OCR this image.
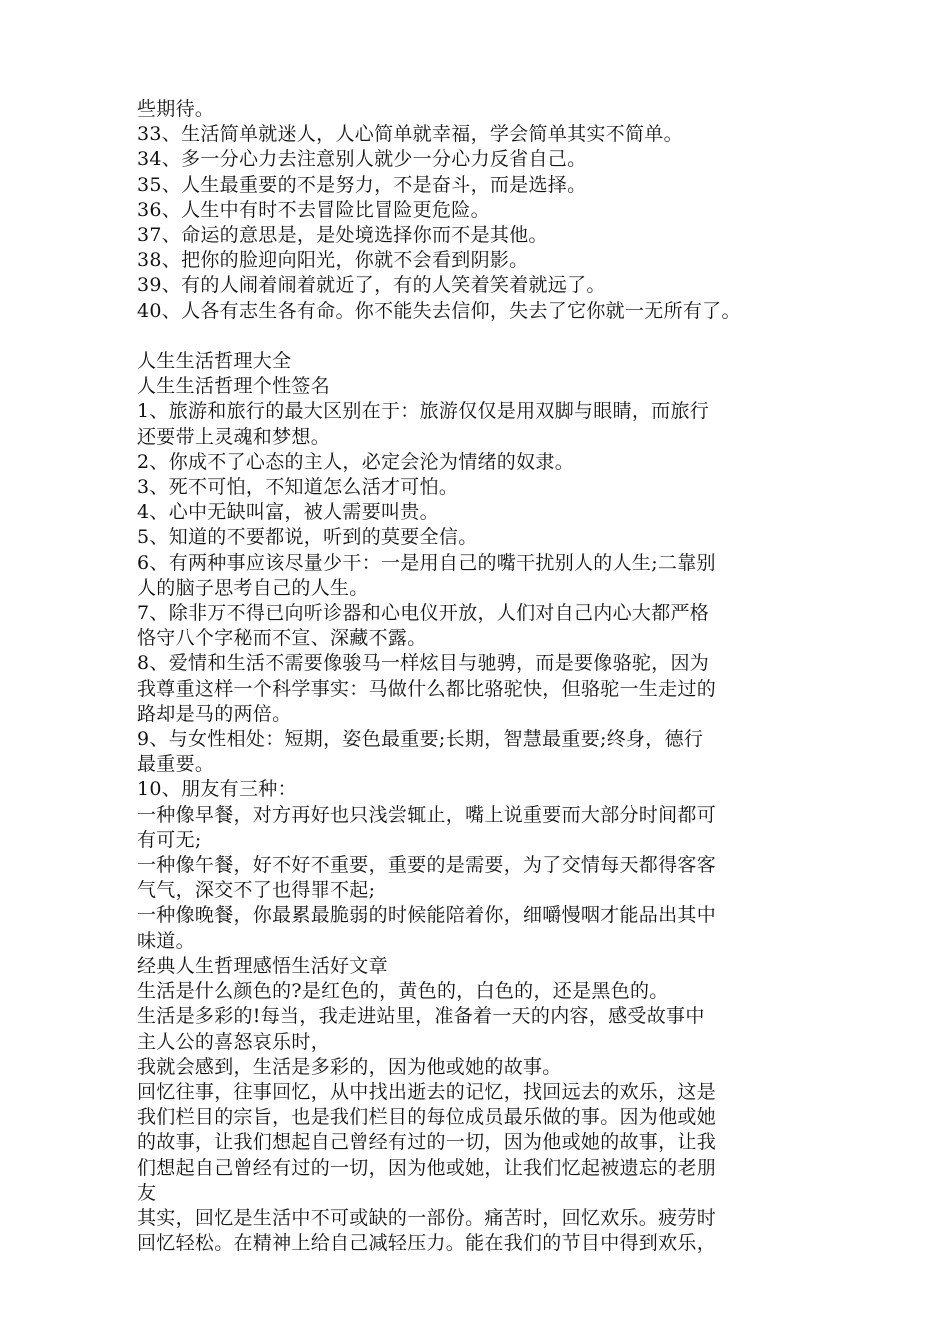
些期待。
33、生活简单就迷人，人心简单就幸福，学会简单其实不简单。
34、多一分心力去注意别人就少一分心力反省自己。
35、人生最重要的不是努力，不是奋斗，而是选择。
36、人生中有时不去冒险比冒险更危险。
37、命运的意思是，是处境选择你而不是其他。
38、把你的脸迎向阳光，你就不会看到阴影。
39、有的人闹着闹着就近了，有的人笑着笑着就远了。
40、人各有志生各有命。你不能失去信仰，失去了它你就一无所有了。
人生生活哲理大全
人生生活哲理个性签名
1、旅游和旅行的最大区别在于：旅游仅仅是用双脚与眼睛，而旅行
还要带上灵魂和梦想。
2、你成不了心态的主人，必定会沦为情绪的奴隶。
3、死不可怕，不知道怎么活才可怕。
4、心中无缺叫富，被人需要叫贵。
5、知道的不要都说，听到的莫要全信。
6、有两种事应该尽量少干：一是用自己的嘴干扰别人的人生;二靠别
人的脑子思考自己的人生。
7、除非万不得已向听诊器和心电仪开放，人们对自己内心大都严格
恪守八个字秘而不宣、深藏不露。
8、爱情和生活不需要像骏马一样炫目与驰骋，而是要像骆驼，因为
我尊重这样一个科学事实：马做什么都比骆驼快，但骆驼一生走过的
路却是马的两倍。
9、与女性相处：短期，姿色最重要;长期，智慧最重要;终身，德行
最重要。
10、朋友有三种：
一种像早餐，对方再好也只浅尝辄止，嘴上说重要而大部分时间都可
有可无;
一种像午餐，好不好不重要，重要的是需要，为了交情每天都得客客
气气，深交不了也得罪不起;
一种像晚餐，你最累最脆弱的时候能陪着你，细嚼慢咽才能品出其中
味道。
经典人生哲理感悟生活好文章
生活是什么颜色的?是红色的，黄色的，白色的，还是黑色的。
生活是多彩的!每当，我走进站里，准备着一天的内容，感受故事中
主人公的喜怒哀乐时，
我就会感到，生活是多彩的，因为他或她的故事。
回忆往事，往事回忆，从中找出逝去的记忆，找回远去的欢乐，这是
我们栏目的宗旨，也是我们栏目的每位成员最乐做的事。因为他或她
的故事，让我们想起自己曾经有过的一切，因为他或她的故事，让我
们想起自己曾经有过的一切，因为他或她，让我们忆起被遗忘的老朋
友
其实，回忆是生活中不可或缺的一部份。痛苦时，回忆欢乐。疲劳时
回忆轻松。在精神上给自己减轻压力。能在我们的节目中得到欢乐，
